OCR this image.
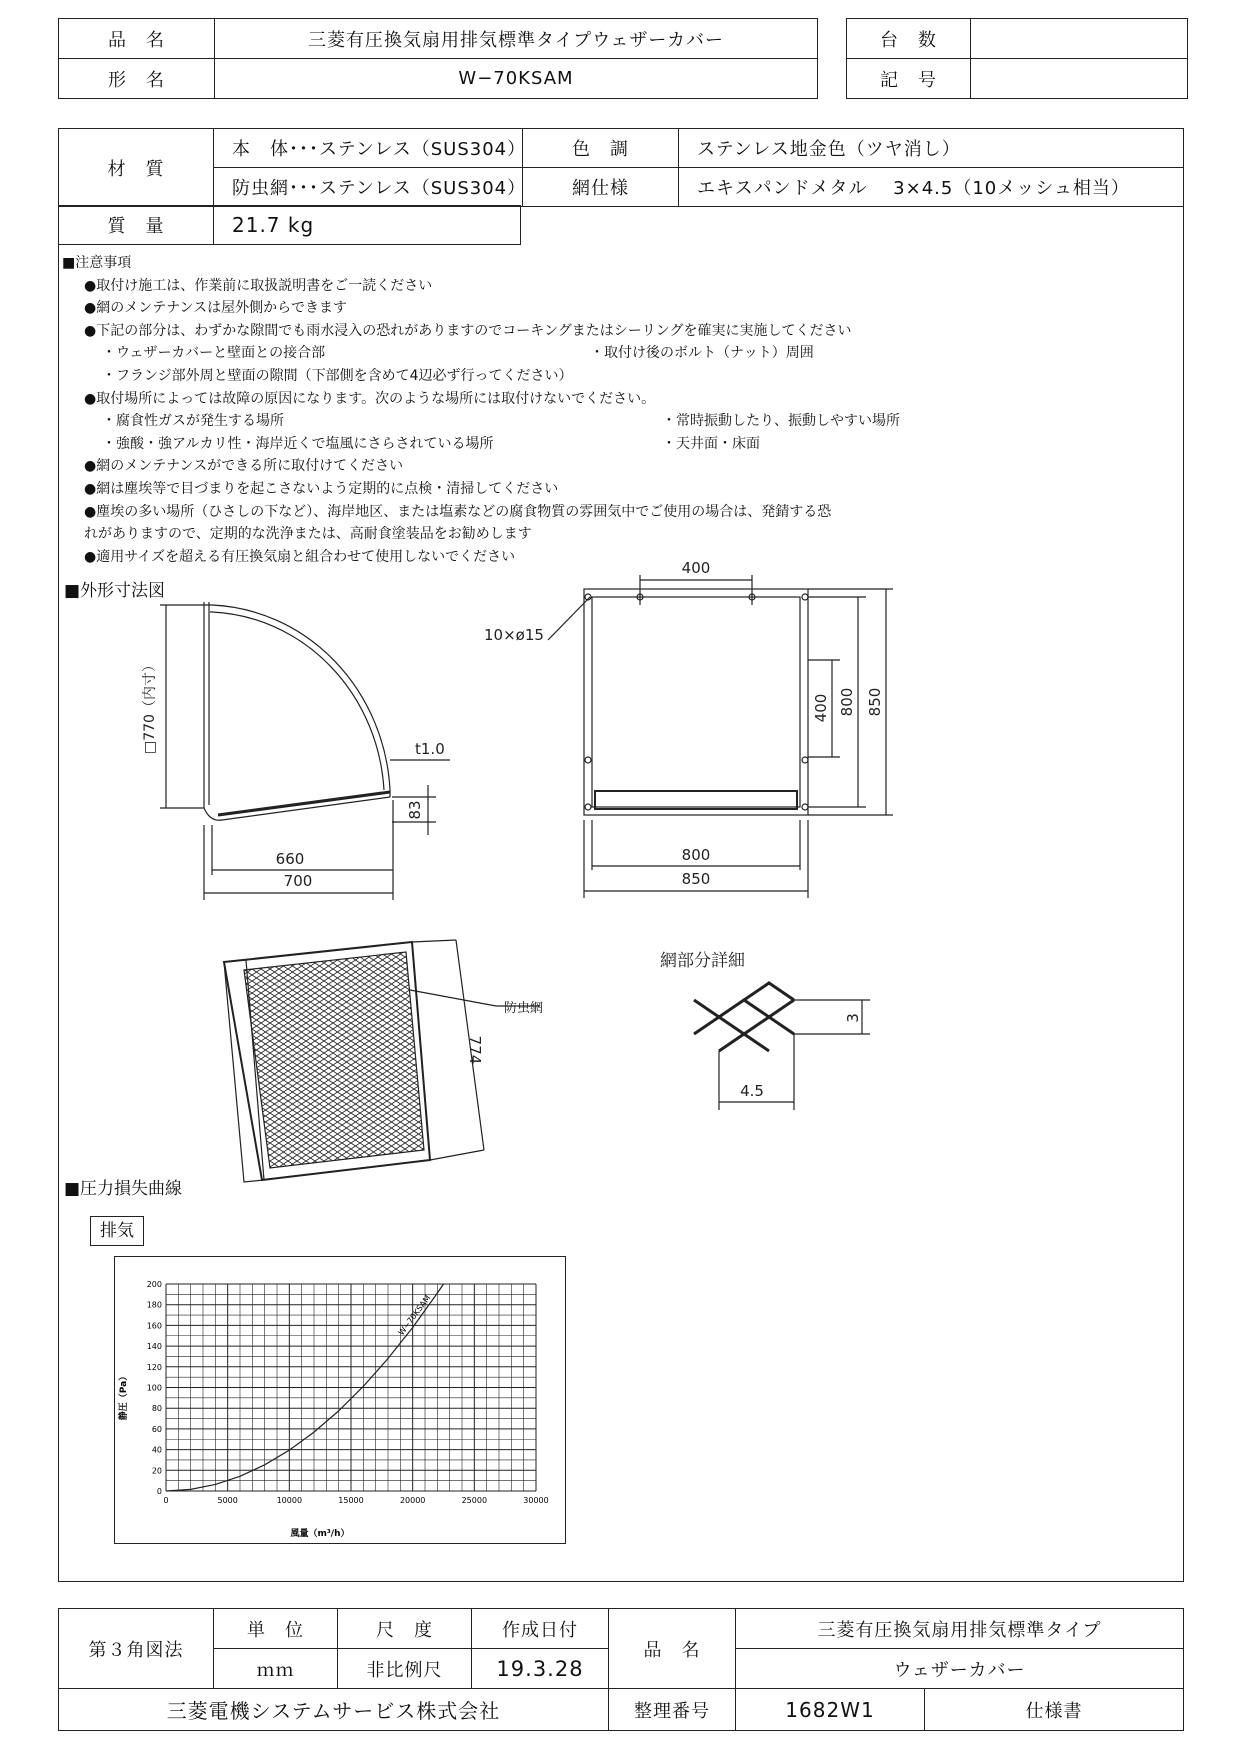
品　名	三菱有圧換気扇用排気標準タイプウェザーカバー
形　名	W−70KSAM
台　数	
記　号	
材　質	本　体･･･ステンレス（SUS304）	色　調	ステンレス地金色（ツヤ消し）
	防虫網･･･ステンレス（SUS304）	網仕様	エキスパンドメタル　 3×4.5（10メッシュ相当）
質　量	21.7 kg
■注意事項
●取付け施工は、作業前に取扱説明書をご一読ください
●網のメンテナンスは屋外側からできます
●下記の部分は、わずかな隙間でも雨水浸入の恐れがありますのでコーキングまたはシーリングを確実に実施してください
・ウェザーカバーと壁面との接合部	・取付け後のボルト（ナット）周囲
・フランジ部外周と壁面の隙間（下部側を含めて4辺必ず行ってください）
●取付場所によっては故障の原因になります。次のような場所には取付けないでください。
・腐食性ガスが発生する場所	・常時振動したり、振動しやすい場所
・強酸・強アルカリ性・海岸近くで塩風にさらされている場所	・天井面・床面
●網のメンテナンスができる所に取付けてください
●網は塵埃等で目づまりを起こさないよう定期的に点検・清掃してください
●塵埃の多い場所（ひさしの下など）、海岸地区、または塩素などの腐食物質の雰囲気中でご使用の場合は、発錆する恐
れがありますので、定期的な洗浄または、高耐食塗装品をお勧めします
●適用サイズを超える有圧換気扇と組合わせて使用しないでください
■外形寸法図
□770（内寸）	t1.0
83
660
700
400
10×ø15
400 800 850
800
850
防虫網
774
網部分詳細
3
4.5
■圧力損失曲線
排気
0	5000	10000	15000	20000	25000	30000
0
20
40
60
80
100
120
140
160
180
200
W−70KSAM
静圧（Pa）
風量（m³/h）
第３角図法	単　位	尺　度	作成日付	品　名	三菱有圧換気扇用排気標準タイプ	
	ｍｍ	非比例尺	19.3.28		ウェザーカバー	
三菱電機システムサービス株式会社				整理番号	1682W1	仕様書
